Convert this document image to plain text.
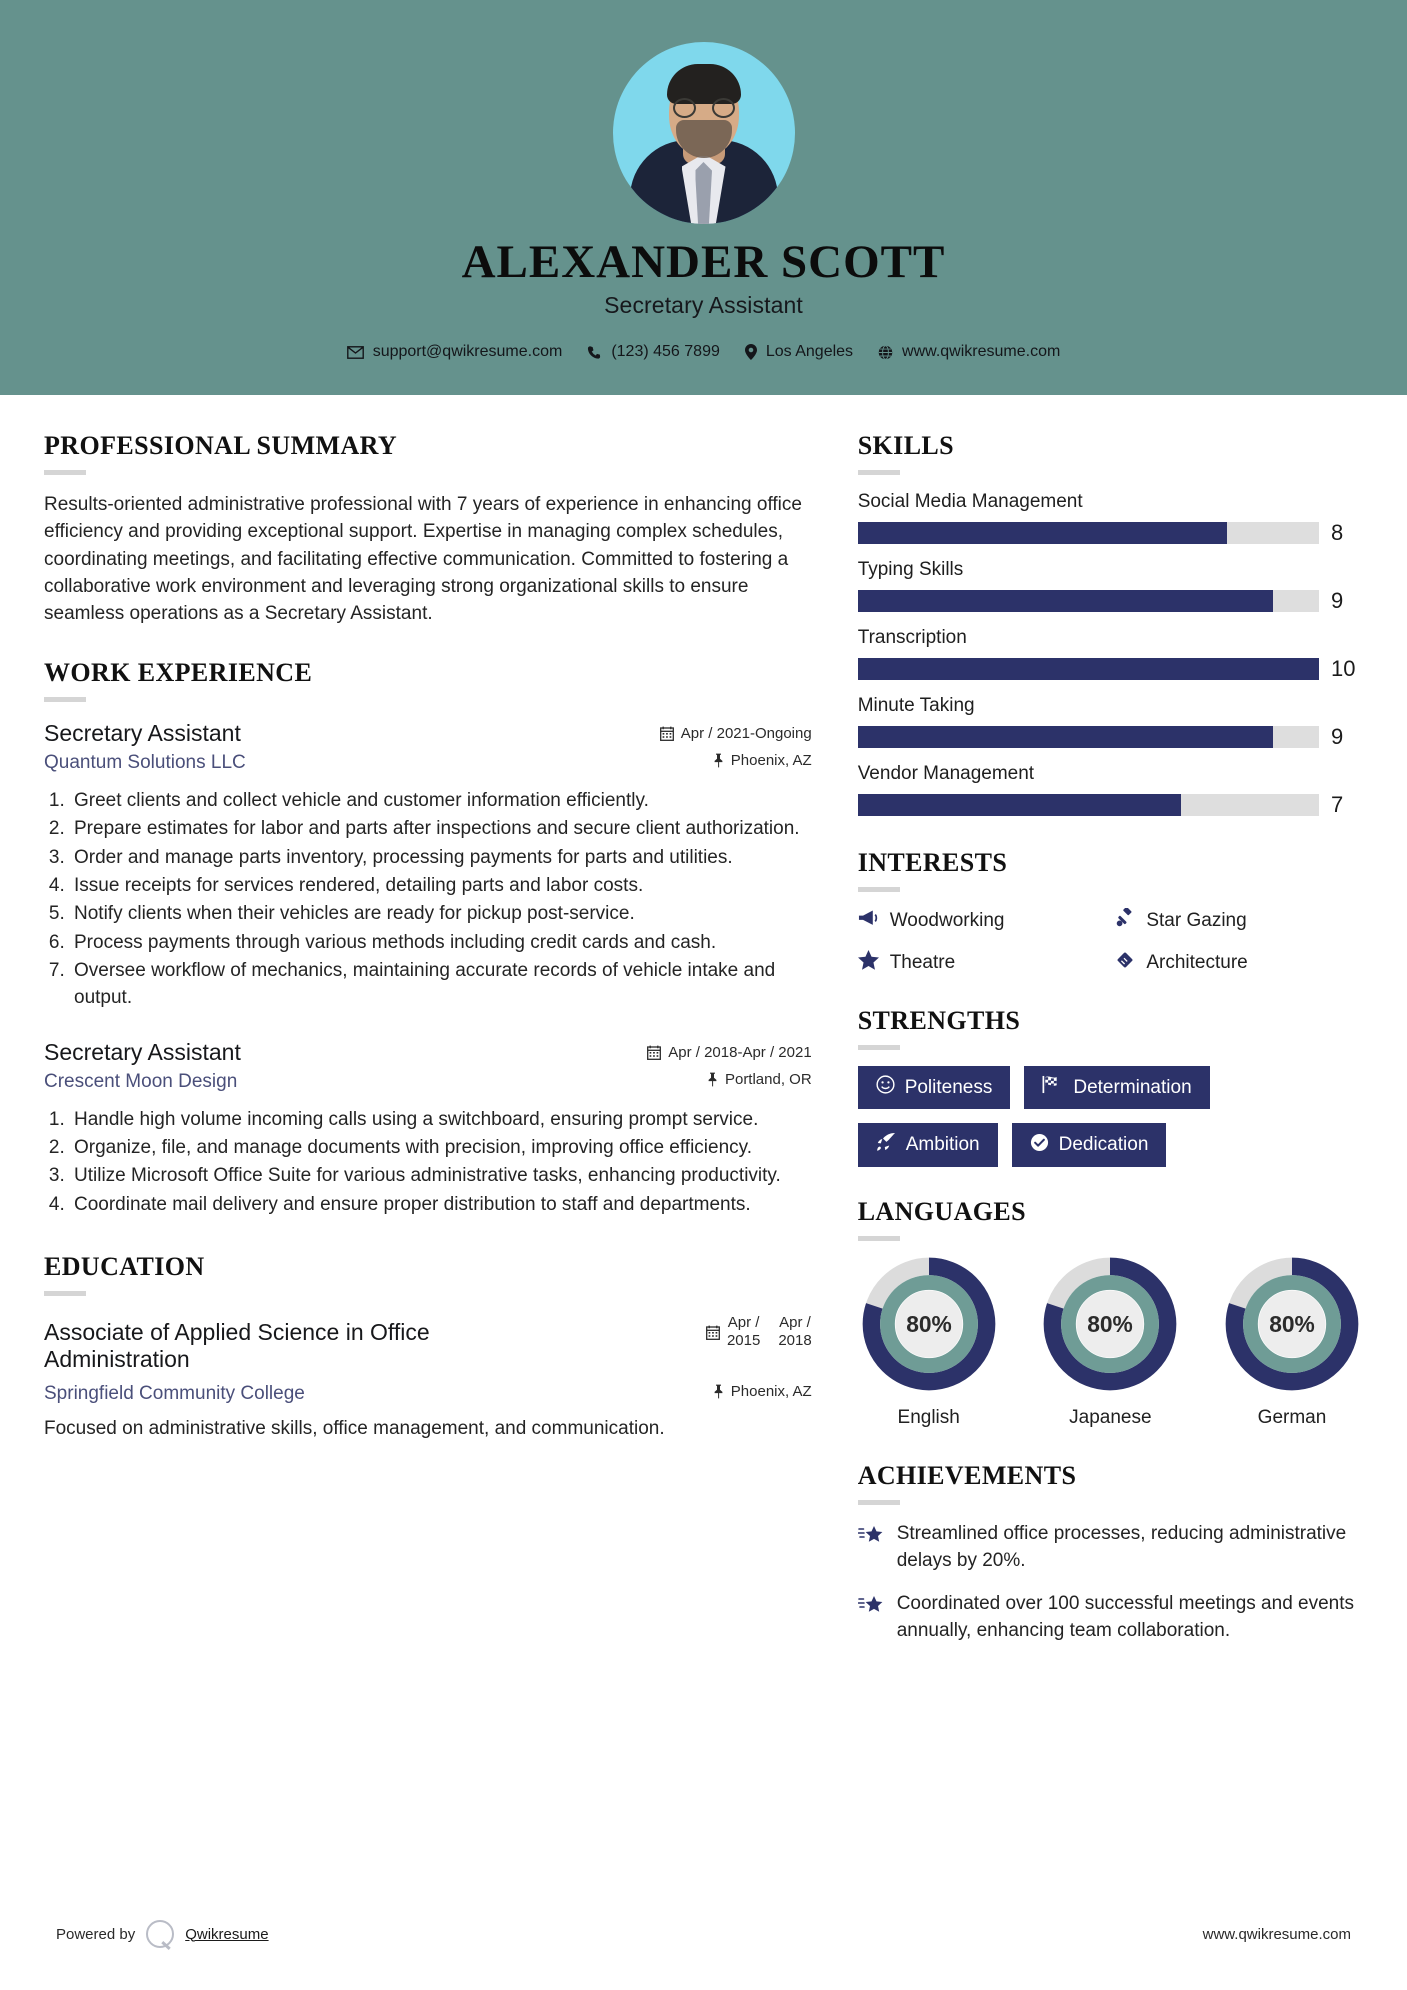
ALEXANDER SCOTT
Secretary Assistant
support@qwikresume.com	(123) 456 7899	Los Angeles	www.qwikresume.com
PROFESSIONAL SUMMARY

Results-oriented administrative professional with 7 years of experience in enhancing office efficiency and providing exceptional support. Expertise in managing complex schedules, coordinating meetings, and facilitating effective communication. Committed to fostering a collaborative work environment and leveraging strong organizational skills to ensure seamless operations as a Secretary Assistant.

WORK EXPERIENCE
Secretary Assistant	Apr / 2021-Ongoing
Quantum Solutions LLC	Phoenix, AZ
1. Greet clients and collect vehicle and customer information efficiently.
2. Prepare estimates for labor and parts after inspections and secure client authorization.
3. Order and manage parts inventory, processing payments for parts and utilities.
4. Issue receipts for services rendered, detailing parts and labor costs.
5. Notify clients when their vehicles are ready for pickup post-service.
6. Process payments through various methods including credit cards and cash.
7. Oversee workflow of mechanics, maintaining accurate records of vehicle intake and output.
Secretary Assistant	Apr / 2018-Apr / 2021
Crescent Moon Design	Portland, OR
1. Handle high volume incoming calls using a switchboard, ensuring prompt service.
2. Organize, file, and manage documents with precision, improving office efficiency.
3. Utilize Microsoft Office Suite for various administrative tasks, enhancing productivity.
4. Coordinate mail delivery and ensure proper distribution to staff and departments.
EDUCATION
Associate of Applied Science in Office Administration
Apr /
2015
Apr /
2018
Springfield Community College	Phoenix, AZ

Focused on administrative skills, office management, and communication.

SKILLS
Social Media Management
8
Typing Skills
9
Transcription
10
Minute Taking
9
Vendor Management
7
INTERESTS
Woodworking	Star Gazing
Theatre	Architecture
STRENGTHS
Politeness	Determination
Ambition	Dedication
LANGUAGES
80%
English
80%
Japanese
80%
German
ACHIEVEMENTS
Streamlined office processes, reducing administrative delays by 20%.
Coordinated over 100 successful meetings and events annually, enhancing team collaboration.
Powered by	Qwikresume	www.qwikresume.com
